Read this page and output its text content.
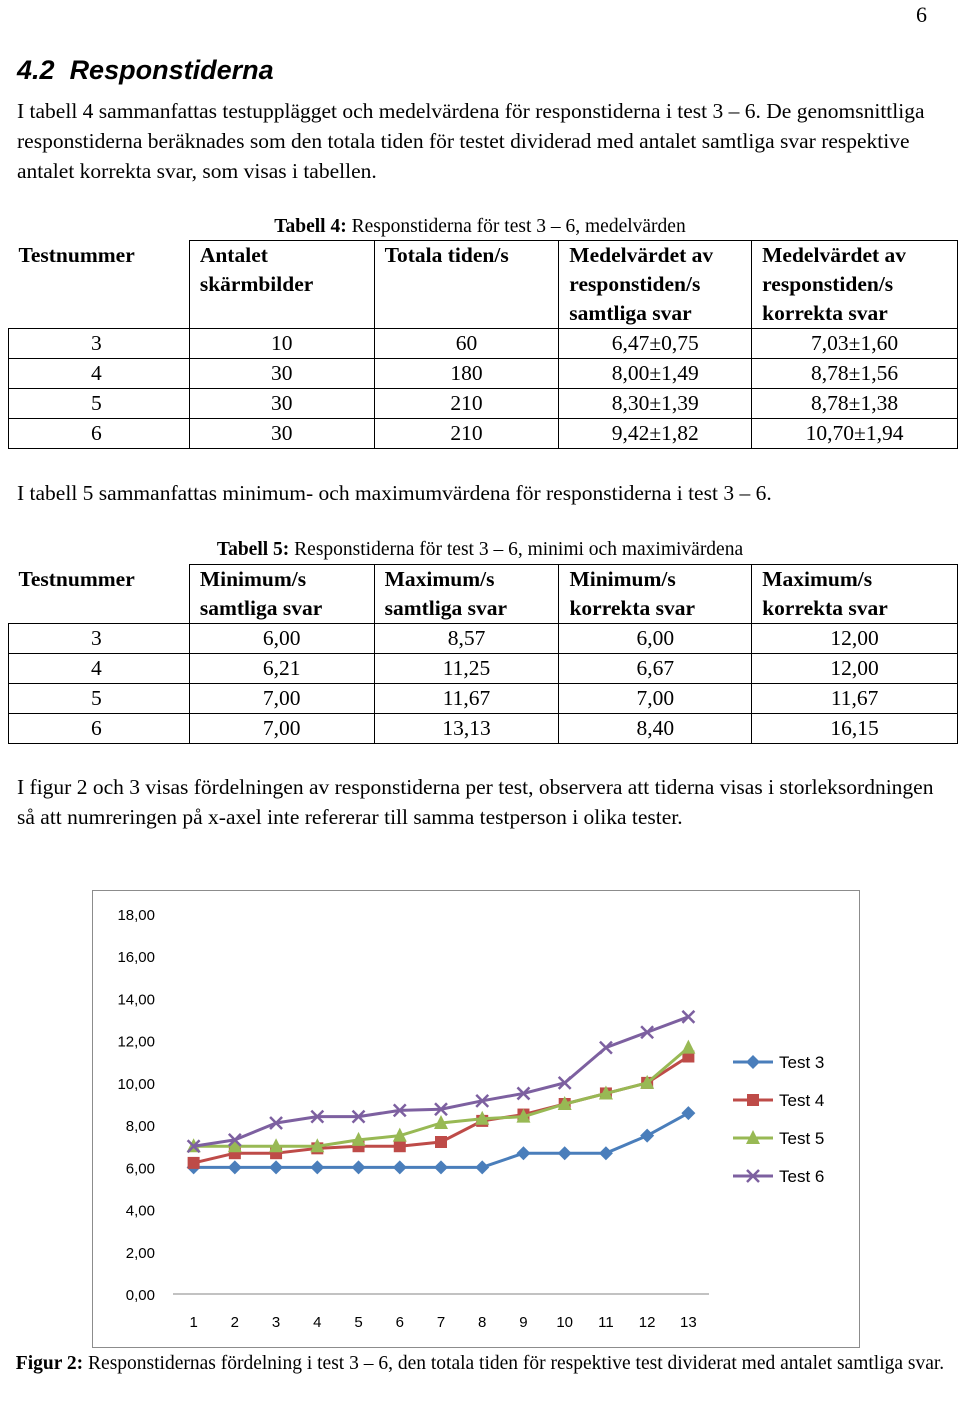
6
4.2 Responstiderna
I tabell 4 sammanfattas testupplägget och medelvärdena för responstiderna i test 3 – 6. De genomsnittliga responstiderna beräknades som den totala tiden för testet dividerad med antalet samtliga svar respektive antalet korrekta svar, som visas i tabellen.
Tabell 4: Responstiderna för test 3 – 6, medelvärden
Testnummer	Antalet skärmbilder	Totala tiden/s	Medelvärdet av responstiden/s samtliga svar	Medelvärdet av responstiden/s korrekta svar
3	10	60	6,47±0,75	7,03±1,60
4	30	180	8,00±1,49	8,78±1,56
5	30	210	8,30±1,39	8,78±1,38
6	30	210	9,42±1,82	10,70±1,94
I tabell 5 sammanfattas minimum- och maximumvärdena för responstiderna i test 3 – 6.
Tabell 5: Responstiderna för test 3 – 6, minimi och maximivärdena
Testnummer	Minimum/s samtliga svar	Maximum/s samtliga svar	Minimum/s korrekta svar	Maximum/s korrekta svar
3	6,00	8,57	6,00	12,00
4	6,21	11,25	6,67	12,00
5	7,00	11,67	7,00	11,67
6	7,00	13,13	8,40	16,15
I figur 2 och 3 visas fördelningen av responstiderna per test, observera att tiderna visas i storleksordningen så att numreringen på x-axel inte refererar till samma testperson i olika tester.
0,00
2,00
4,00
6,00
8,00
10,00
12,00
14,00
16,00
18,00
1 2 3 4 5 6 7 8 9 10 11 12 13
Test 3
Test 4
Test 5
Test 6
Figur 2: Responstidernas fördelning i test 3 – 6, den totala tiden för respektive test dividerat med antalet samtliga svar.
